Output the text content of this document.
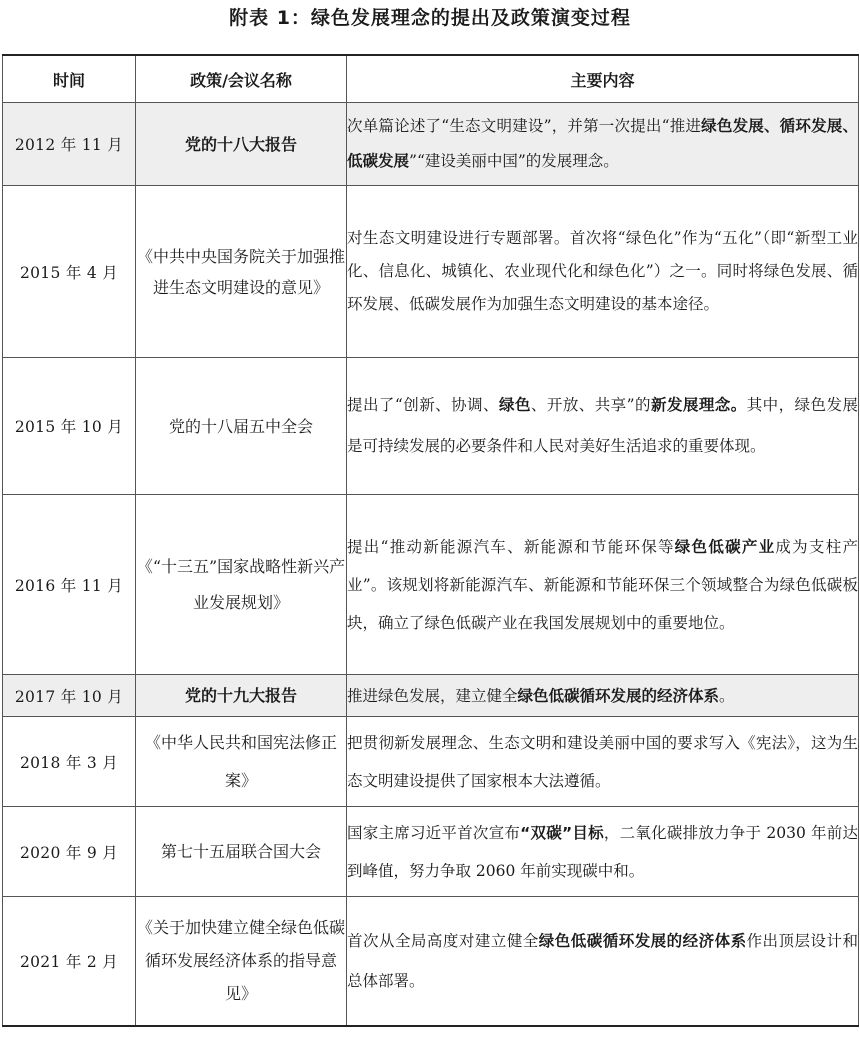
附表 1：绿色发展理念的提出及政策演变过程
时间	政策/会议名称	主要内容
2012 年 11 月	党的十八大报告	次单篇论述了“生态文明建设”，并第一次提出“推进绿色发展、循环发展、低碳发展”“建设美丽中国”的发展理念。
2015 年 4 月	《中共中央国务院关于加强推进生态文明建设的意见》	对生态文明建设进行专题部署。首次将“绿色化”作为“五化”（即“新型工业化、信息化、城镇化、农业现代化和绿色化”）之一。同时将绿色发展、循环发展、低碳发展作为加强生态文明建设的基本途径。
2015 年 10 月	党的十八届五中全会	提出了“创新、协调、绿色、开放、共享”的新发展理念。其中，绿色发展是可持续发展的必要条件和人民对美好生活追求的重要体现。
2016 年 11 月	《“十三五”国家战略性新兴产业发展规划》	提出“推动新能源汽车、新能源和节能环保等绿色低碳产业成为支柱产业”。该规划将新能源汽车、新能源和节能环保三个领域整合为绿色低碳板块，确立了绿色低碳产业在我国发展规划中的重要地位。
2017 年 10 月	党的十九大报告	推进绿色发展，建立健全绿色低碳循环发展的经济体系。
2018 年 3 月	《中华人民共和国宪法修正案》	把贯彻新发展理念、生态文明和建设美丽中国的要求写入《宪法》，这为生态文明建设提供了国家根本大法遵循。
2020 年 9 月	第七十五届联合国大会	国家主席习近平首次宣布“双碳”目标，二氧化碳排放力争于 2030 年前达到峰值，努力争取 2060 年前实现碳中和。
2021 年 2 月	《关于加快建立健全绿色低碳循环发展经济体系的指导意见》	首次从全局高度对建立健全绿色低碳循环发展的经济体系作出顶层设计和总体部署。
